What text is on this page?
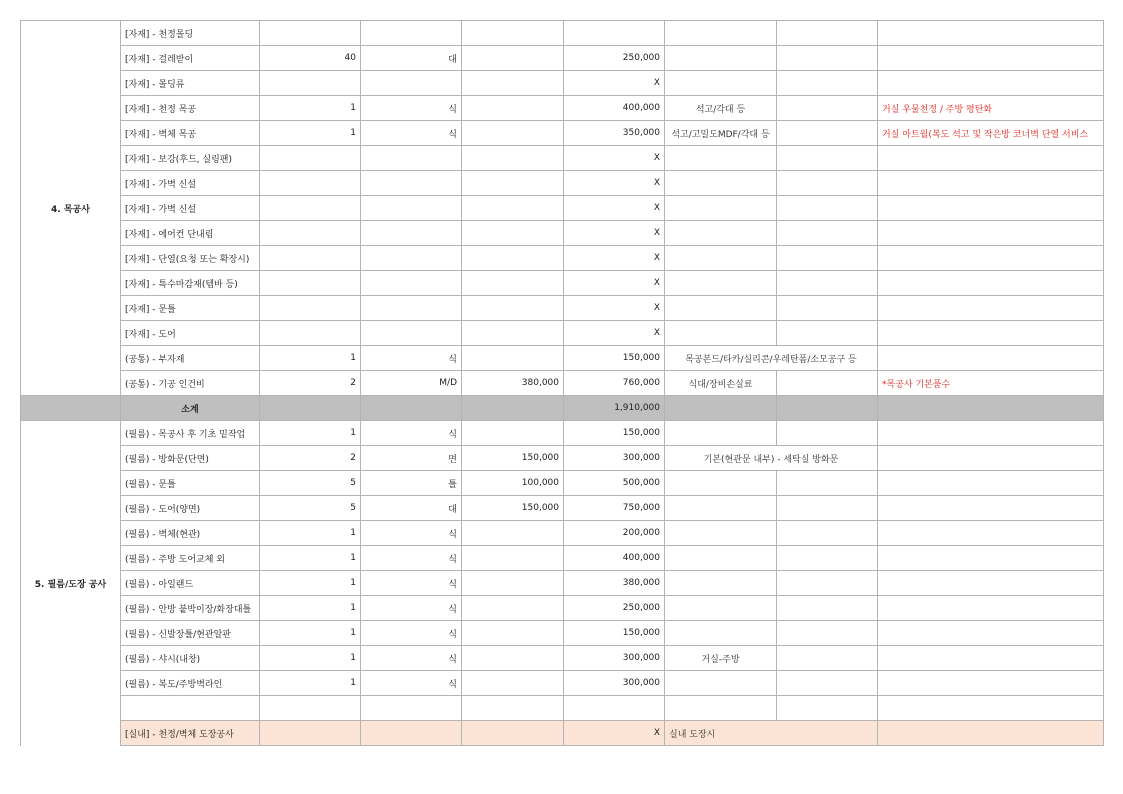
4. 목공사	[자재] - 천정몰딩							
	[자재] - 걸레받이	40	대		250,000			
	[자재] - 몰딩류				X			
	[자재] - 천정 목공	1	식		400,000	석고/각대 등		거실 우물천정 / 주방 평탄화
	[자재] - 벽체 목공	1	식		350,000	석고/고밀도MDF/각대 등		거실 아트월(복도 석고 및 작은방 코너벽 단열 서비스
	[자재] - 보강(후드, 실링팬)				X			
	[자재] - 가벽 신설				X			
	[자재] - 가벽 신설				X			
	[자재] - 에어컨 단내림				X			
	[자재] - 단열(요청 또는 확장시)				X			
	[자재] - 특수마감재(템바 등)				X			
	[자재] - 문틀				X			
	[자재] - 도어				X			
	(공통) - 부자재	1	식		150,000	목공본드/타카/실리콘/우레탄폼/소모공구 등		
	(공통) - 기공 인건비	2	M/D	380,000	760,000	식대/장비손실료		*목공사 기본품수
	소계				1,910,000			
5. 필름/도장 공사	(필름) - 목공사 후 기초 밑작업	1	식		150,000			
	(필름) - 방화문(단면)	2	면	150,000	300,000	기본(현관문 내부) - 세탁실 방화문		
	(필름) - 문틀	5	틀	100,000	500,000			
	(필름) - 도어(양면)	5	대	150,000	750,000			
	(필름) - 벽체(현관)	1	식		200,000			
	(필름) - 주방 도어교체 외	1	식		400,000			
	(필름) - 아일랜드	1	식		380,000			
	(필름) - 안방 붙박이장/화장대틀	1	식		250,000			
	(필름) - 신발장틀/현관알판	1	식		150,000			
	(필름) - 샤시(내창)	1	식		300,000	거실-주방		
	(필름) - 복도/주방벽라인	1	식		300,000			

	[실내] - 천정/벽체 도장공사				X	실내 도장시		
